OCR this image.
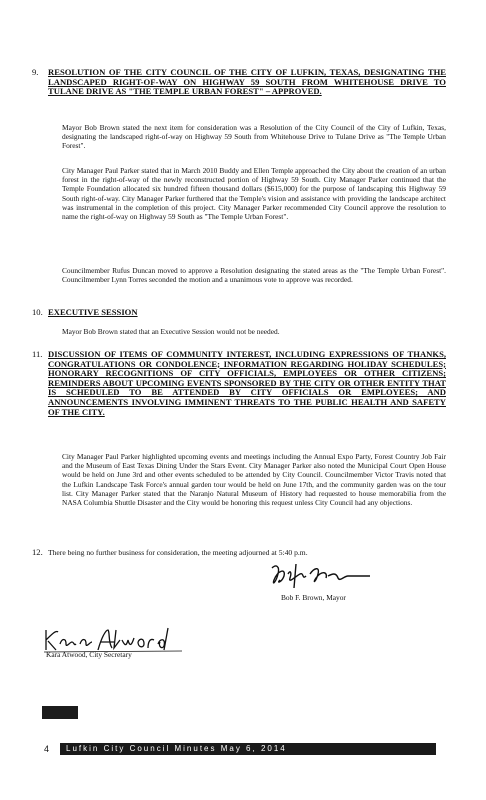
9. RESOLUTION OF THE CITY COUNCIL OF THE CITY OF LUFKIN, TEXAS, DESIGNATING THE LANDSCAPED RIGHT-OF-WAY ON HIGHWAY 59 SOUTH FROM WHITEHOUSE DRIVE TO TULANE DRIVE AS "THE TEMPLE URBAN FOREST" – APPROVED.

Mayor Bob Brown stated the next item for consideration was a Resolution of the City Council of the City of Lufkin, Texas, designating the landscaped right-of-way on Highway 59 South from Whitehouse Drive to Tulane Drive as "The Temple Urban Forest".

City Manager Paul Parker stated that in March 2010 Buddy and Ellen Temple approached the City about the creation of an urban forest in the right-of-way of the newly reconstructed portion of Highway 59 South. City Manager Parker continued that the Temple Foundation allocated six hundred fifteen thousand dollars ($615,000) for the purpose of landscaping this Highway 59 South right-of-way. City Manager Parker furthered that the Temple's vision and assistance with providing the landscape architect was instrumental in the completion of this project. City Manager Parker recommended City Council approve the resolution to name the right-of-way on Highway 59 South as "The Temple Urban Forest".

Councilmember Rufus Duncan moved to approve a Resolution designating the stated areas as the "The Temple Urban Forest". Councilmember Lynn Torres seconded the motion and a unanimous vote to approve was recorded.

10. EXECUTIVE SESSION

Mayor Bob Brown stated that an Executive Session would not be needed.

11. DISCUSSION OF ITEMS OF COMMUNITY INTEREST, INCLUDING EXPRESSIONS OF THANKS, CONGRATULATIONS OR CONDOLENCE; INFORMATION REGARDING HOLIDAY SCHEDULES; HONORARY RECOGNITIONS OF CITY OFFICIALS, EMPLOYEES OR OTHER CITIZENS; REMINDERS ABOUT UPCOMING EVENTS SPONSORED BY THE CITY OR OTHER ENTITY THAT IS SCHEDULED TO BE ATTENDED BY CITY OFFICIALS OR EMPLOYEES; AND ANNOUNCEMENTS INVOLVING IMMINENT THREATS TO THE PUBLIC HEALTH AND SAFETY OF THE CITY.

City Manager Paul Parker highlighted upcoming events and meetings including the Annual Expo Party, Forest Country Job Fair and the Museum of East Texas Dining Under the Stars Event. City Manager Parker also noted the Municipal Court Open House would be held on June 3rd and other events scheduled to be attended by City Council. Councilmember Victor Travis noted that the Lufkin Landscape Task Force's annual garden tour would be held on June 17th, and the community garden was on the tour list. City Manager Parker stated that the Naranjo Natural Museum of History had requested to house memorabilia from the NASA Columbia Shuttle Disaster and the City would be honoring this request unless City Council had any objections.

12. There being no further business for consideration, the meeting adjourned at 5:40 p.m.

Bob F. Brown, Mayor
Kara Atwood, City Secretary
4	Lufkin City Council Minutes May 6, 2014
